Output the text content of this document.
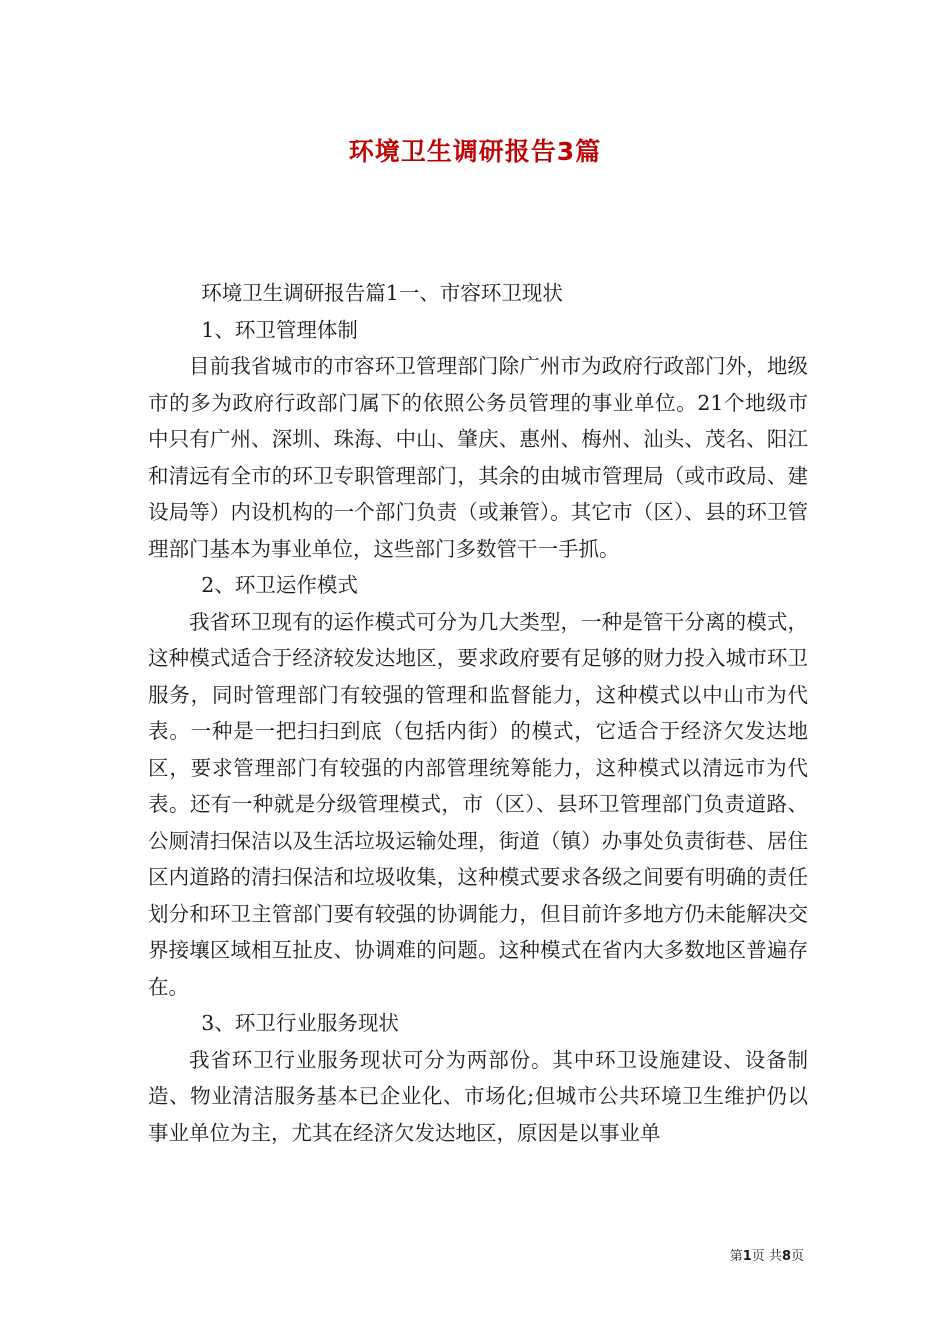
环境卫生调研报告3篇

环境卫生调研报告篇1一、市容环卫现状

1、环卫管理体制

目前我省城市的市容环卫管理部门除广州市为政府行政部门外，地级市的多为政府行政部门属下的依照公务员管理的事业单位。21个地级市中只有广州、深圳、珠海、中山、肇庆、惠州、梅州、汕头、茂名、阳江和清远有全市的环卫专职管理部门，其余的由城市管理局（或市政局、建设局等）内设机构的一个部门负责（或兼管）。其它市（区）、县的环卫管理部门基本为事业单位，这些部门多数管干一手抓。

2、环卫运作模式

我省环卫现有的运作模式可分为几大类型，一种是管干分离的模式，这种模式适合于经济较发达地区，要求政府要有足够的财力投入城市环卫服务，同时管理部门有较强的管理和监督能力，这种模式以中山市为代表。一种是一把扫扫到底（包括内街）的模式，它适合于经济欠发达地区，要求管理部门有较强的内部管理统筹能力，这种模式以清远市为代表。还有一种就是分级管理模式，市（区）、县环卫管理部门负责道路、公厕清扫保洁以及生活垃圾运输处理，街道（镇）办事处负责街巷、居住区内道路的清扫保洁和垃圾收集，这种模式要求各级之间要有明确的责任划分和环卫主管部门要有较强的协调能力，但目前许多地方仍未能解决交界接壤区域相互扯皮、协调难的问题。这种模式在省内大多数地区普遍存在。

3、环卫行业服务现状

我省环卫行业服务现状可分为两部份。其中环卫设施建设、设备制造、物业清洁服务基本已企业化、市场化;但城市公共环境卫生维护仍以事业单位为主，尤其在经济欠发达地区，原因是以事业单

第1页 共8页
